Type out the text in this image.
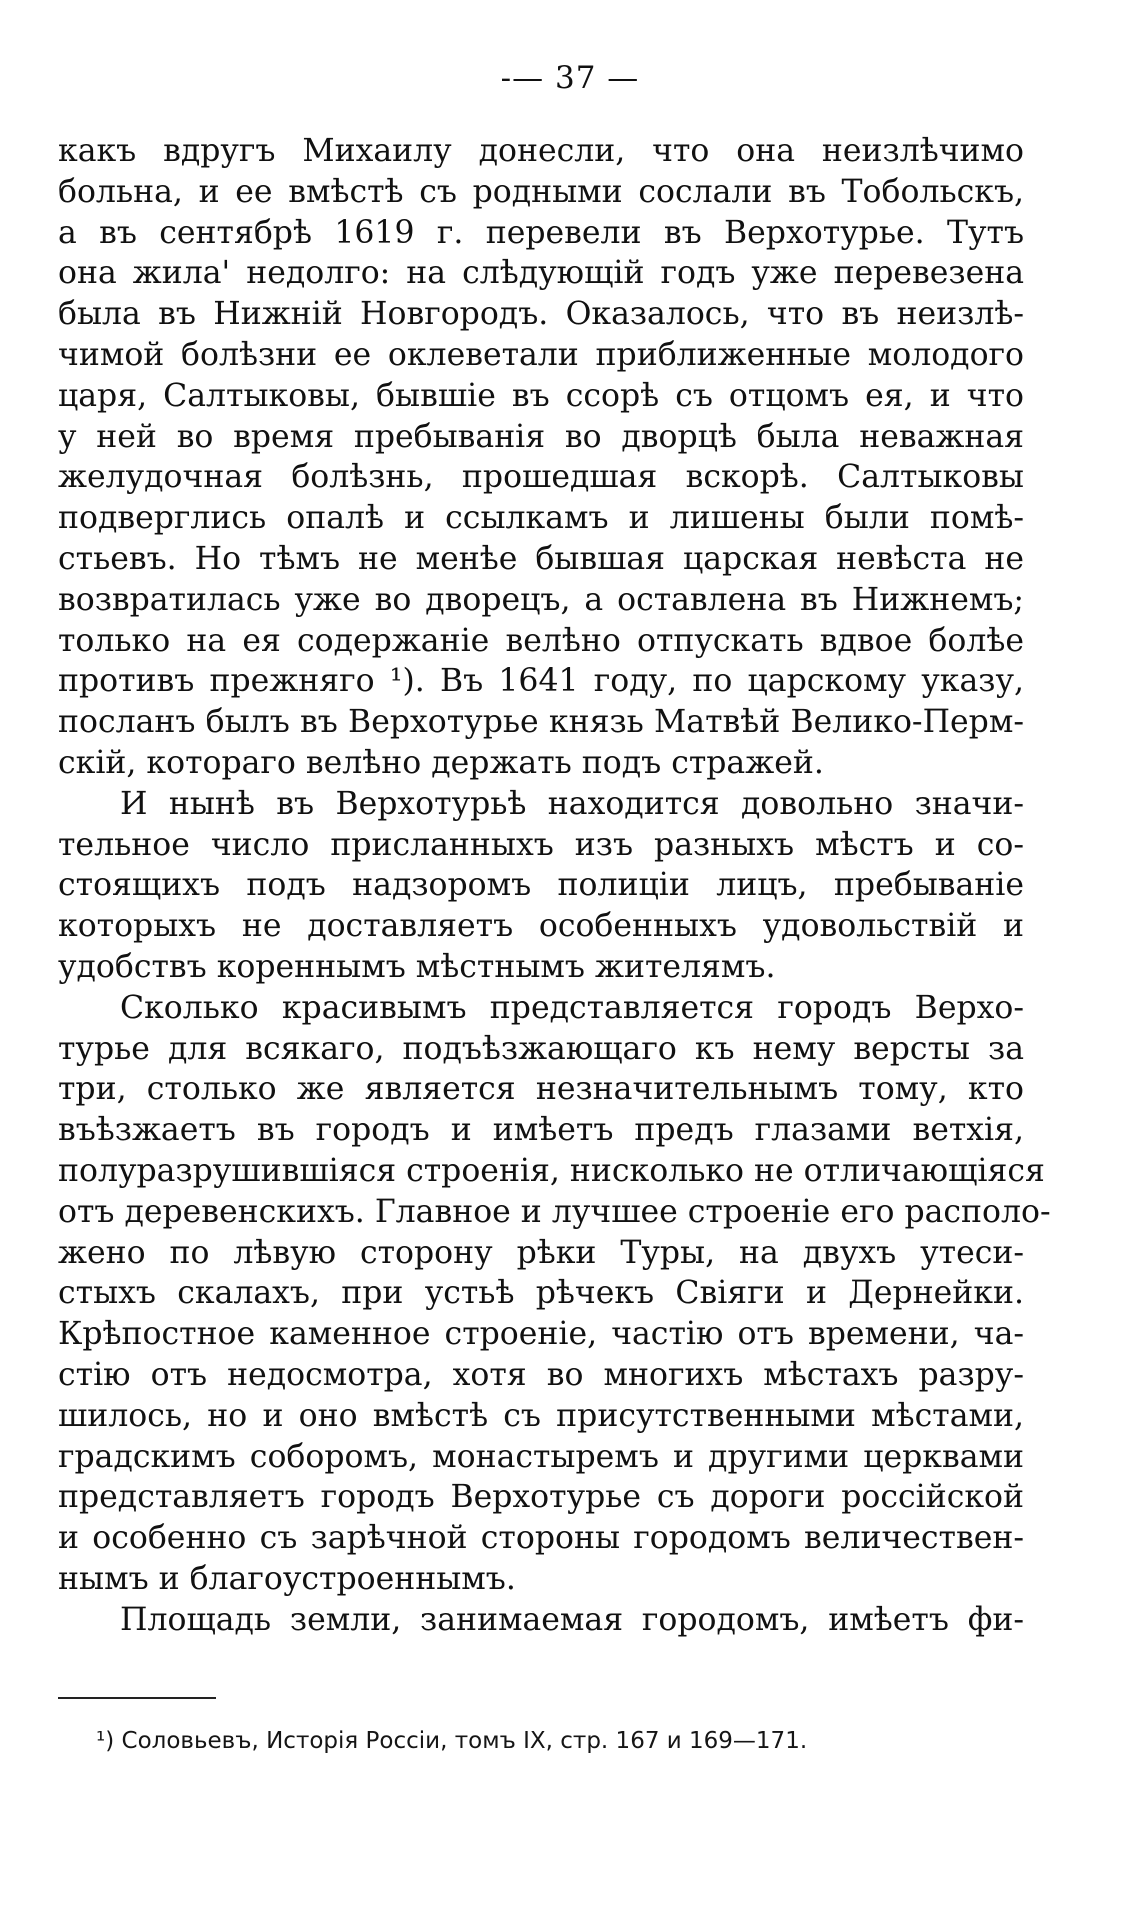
-— 37 —
какъ вдругъ Михаилу донесли, что она неизлѣчимо
больна, и ее вмѣстѣ съ родными сослали въ Тобольскъ,
а въ сентябрѣ 1619 г. перевели въ Верхотурье. Тутъ
она жила' недолго: на слѣдующій годъ уже перевезена
была въ Нижній Новгородъ. Оказалось, что въ неизлѣ-
чимой болѣзни ее оклеветали приближенные молодого
царя, Салтыковы, бывшіе въ ссорѣ съ отцомъ ея, и что
у ней во время пребыванія во дворцѣ была неважная
желудочная болѣзнь, прошедшая вскорѣ. Салтыковы
подверглись опалѣ и ссылкамъ и лишены были помѣ-
стьевъ. Но тѣмъ не менѣе бывшая царская невѣста не
возвратилась уже во дворецъ, а оставлена въ Нижнемъ;
только на ея содержаніе велѣно отпускать вдвое болѣе
противъ прежняго ¹). Въ 1641 году, по царскому указу,
посланъ былъ въ Верхотурье князь Матвѣй Велико-Перм-
скій, котораго велѣно держать подъ стражей.
И нынѣ въ Верхотурьѣ находится довольно значи-
тельное число присланныхъ изъ разныхъ мѣстъ и со-
стоящихъ подъ надзоромъ полиціи лицъ, пребываніе
которыхъ не доставляетъ особенныхъ удовольствій и
удобствъ кореннымъ мѣстнымъ жителямъ.
Сколько красивымъ представляется городъ Верхо-
турье для всякаго, подъѣзжающаго къ нему версты за
три, столько же является незначительнымъ тому, кто
въѣзжаетъ въ городъ и имѣетъ предъ глазами ветхія,
полуразрушившіяся строенія, нисколько не отличающіяся
отъ деревенскихъ. Главное и лучшее строеніе его располо-
жено по лѣвую сторону рѣки Туры, на двухъ утеси-
стыхъ скалахъ, при устьѣ рѣчекъ Свіяги и Дернейки.
Крѣпостное каменное строеніе, частію отъ времени, ча-
стію отъ недосмотра, хотя во многихъ мѣстахъ разру-
шилось, но и оно вмѣстѣ съ присутственными мѣстами,
градскимъ соборомъ, монастыремъ и другими церквами
представляетъ городъ Верхотурье съ дороги россійской
и особенно съ зарѣчной стороны городомъ величествен-
нымъ и благоустроеннымъ.
Площадь земли, занимаемая городомъ, имѣетъ фи-
¹) Соловьевъ, Исторія Россіи, томъ IX, стр. 167 и 169—171.
